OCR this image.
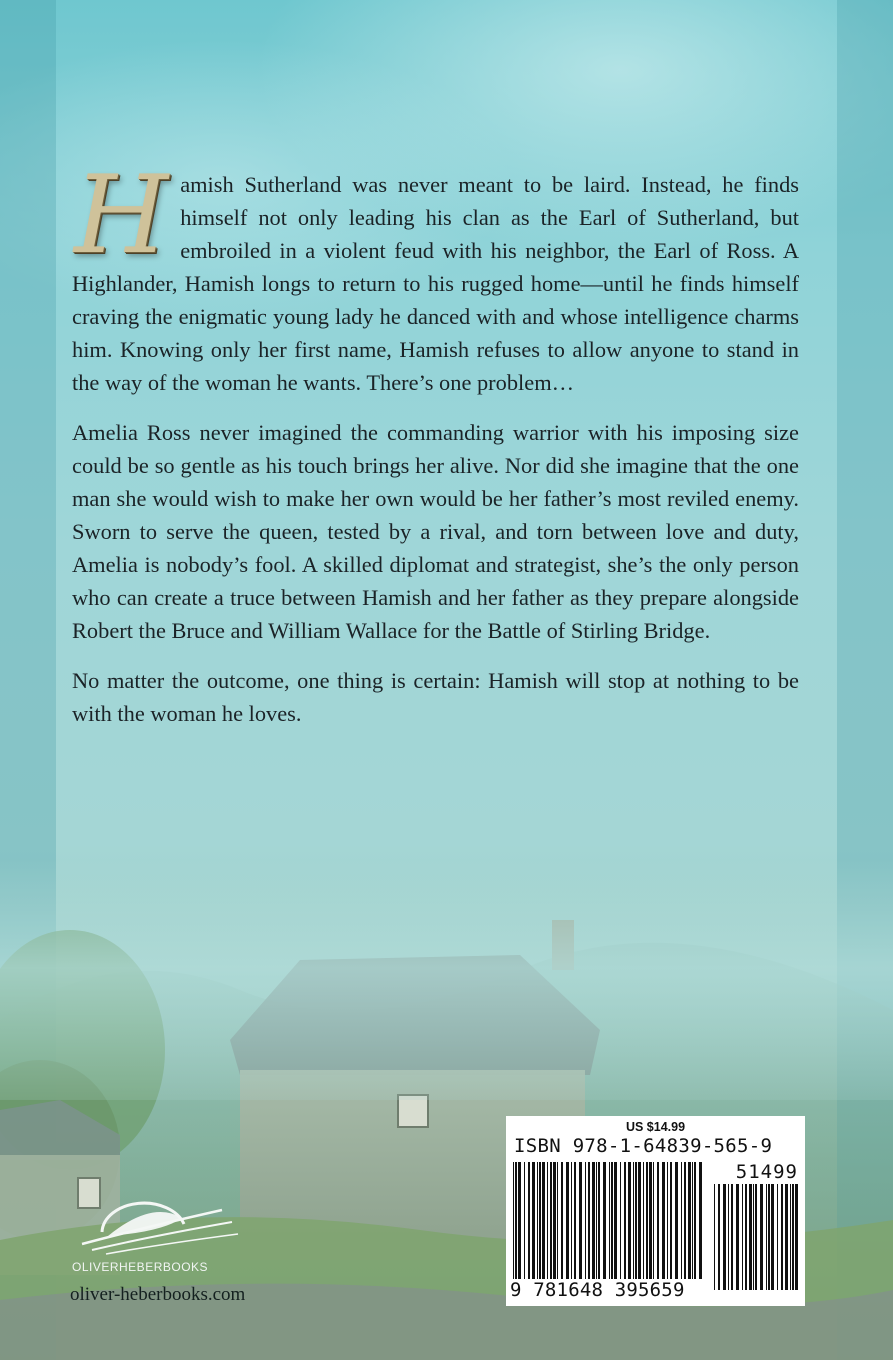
Hamish Sutherland was never meant to be laird. Instead, he finds himself not only leading his clan as the Earl of Sutherland, but embroiled in a violent feud with his neighbor, the Earl of Ross. A Highlander, Hamish longs to return to his rugged home—until he finds himself craving the enigmatic young lady he danced with and whose intelligence charms him. Knowing only her first name, Hamish refuses to allow anyone to stand in the way of the woman he wants. There’s one problem…

Amelia Ross never imagined the commanding warrior with his imposing size could be so gentle as his touch brings her alive. Nor did she imagine that the one man she would wish to make her own would be her father’s most reviled enemy. Sworn to serve the queen, tested by a rival, and torn between love and duty, Amelia is nobody’s fool. A skilled diplomat and strategist, she’s the only person who can create a truce between Hamish and her father as they prepare alongside Robert the Bruce and William Wallace for the Battle of Stirling Bridge.

No matter the outcome, one thing is certain: Hamish will stop at nothing to be with the woman he loves.

OLIVERHEBERBOOKS
oliver-heberbooks.com
US $14.99
ISBN 978-1-64839-565-9
51499
9 781648 395659
